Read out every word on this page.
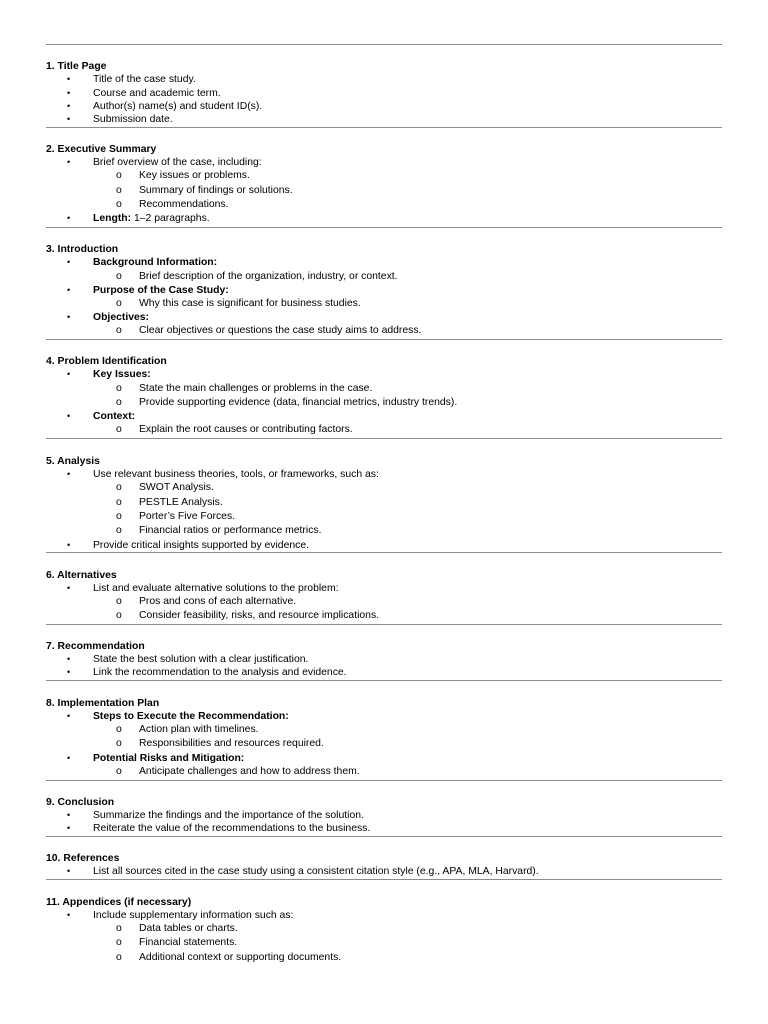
1. Title Page
•	Title of the case study.
•	Course and academic term.
•	Author(s) name(s) and student ID(s).
•	Submission date.
2. Executive Summary
•	Brief overview of the case, including:
o	Key issues or problems.
o	Summary of findings or solutions.
o	Recommendations.
•	Length: 1–2 paragraphs.
3. Introduction
•	Background Information:
o	Brief description of the organization, industry, or context.
•	Purpose of the Case Study:
o	Why this case is significant for business studies.
•	Objectives:
o	Clear objectives or questions the case study aims to address.
4. Problem Identification
•	Key Issues:
o	State the main challenges or problems in the case.
o	Provide supporting evidence (data, financial metrics, industry trends).
•	Context:
o	Explain the root causes or contributing factors.
5. Analysis
•	Use relevant business theories, tools, or frameworks, such as:
o	SWOT Analysis.
o	PESTLE Analysis.
o	Porter’s Five Forces.
o	Financial ratios or performance metrics.
•	Provide critical insights supported by evidence.
6. Alternatives
•	List and evaluate alternative solutions to the problem:
o	Pros and cons of each alternative.
o	Consider feasibility, risks, and resource implications.
7. Recommendation
•	State the best solution with a clear justification.
•	Link the recommendation to the analysis and evidence.
8. Implementation Plan
•	Steps to Execute the Recommendation:
o	Action plan with timelines.
o	Responsibilities and resources required.
•	Potential Risks and Mitigation:
o	Anticipate challenges and how to address them.
9. Conclusion
•	Summarize the findings and the importance of the solution.
•	Reiterate the value of the recommendations to the business.
10. References
•	List all sources cited in the case study using a consistent citation style (e.g., APA, MLA, Harvard).
11. Appendices (if necessary)
•	Include supplementary information such as:
o	Data tables or charts.
o	Financial statements.
o	Additional context or supporting documents.
